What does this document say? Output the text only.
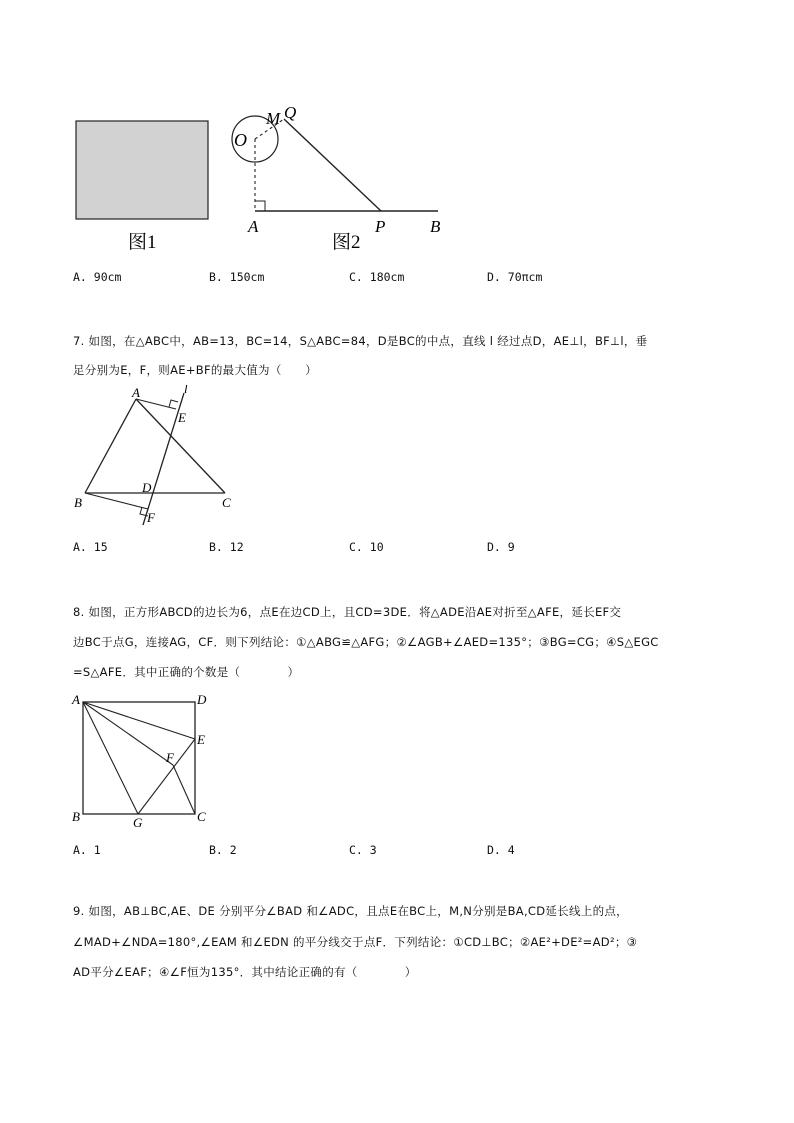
图1
O
M Q
A	P	B
图2
A. 90cm	B. 150cm	C. 180cm	D. 70πcm
7. 如图，在△ABC中，AB=13，BC=14，S△ABC=84，D是BC的中点，直线 l 经过点D，AE⊥l，BF⊥l，垂
足分别为E，F，则AE+BF的最大值为（　　）
A
E
l
B
D
C
F
A. 15	B. 12	C. 10	D. 9
8. 如图，正方形ABCD的边长为6，点E在边CD上，且CD=3DE．将△ADE沿AE对折至△AFE，延长EF交
边BC于点G，连接AG，CF．则下列结论：①△ABG≌△AFG；②∠AGB+∠AED=135°；③BG=CG；④S△EGC
=S△AFE．其中正确的个数是（　　　　）
A	D
E
F
B	G	C
A. 1	B. 2	C. 3	D. 4
9. 如图，AB⊥BC,AE、DE 分别平分∠BAD 和∠ADC，且点E在BC上，M,N分别是BA,CD延长线上的点，
∠MAD+∠NDA=180°,∠EAM 和∠EDN 的平分线交于点F．下列结论：①CD⊥BC；②AE²+DE²=AD²；③
AD平分∠EAF；④∠F恒为135°．其中结论正确的有（　　　　）
